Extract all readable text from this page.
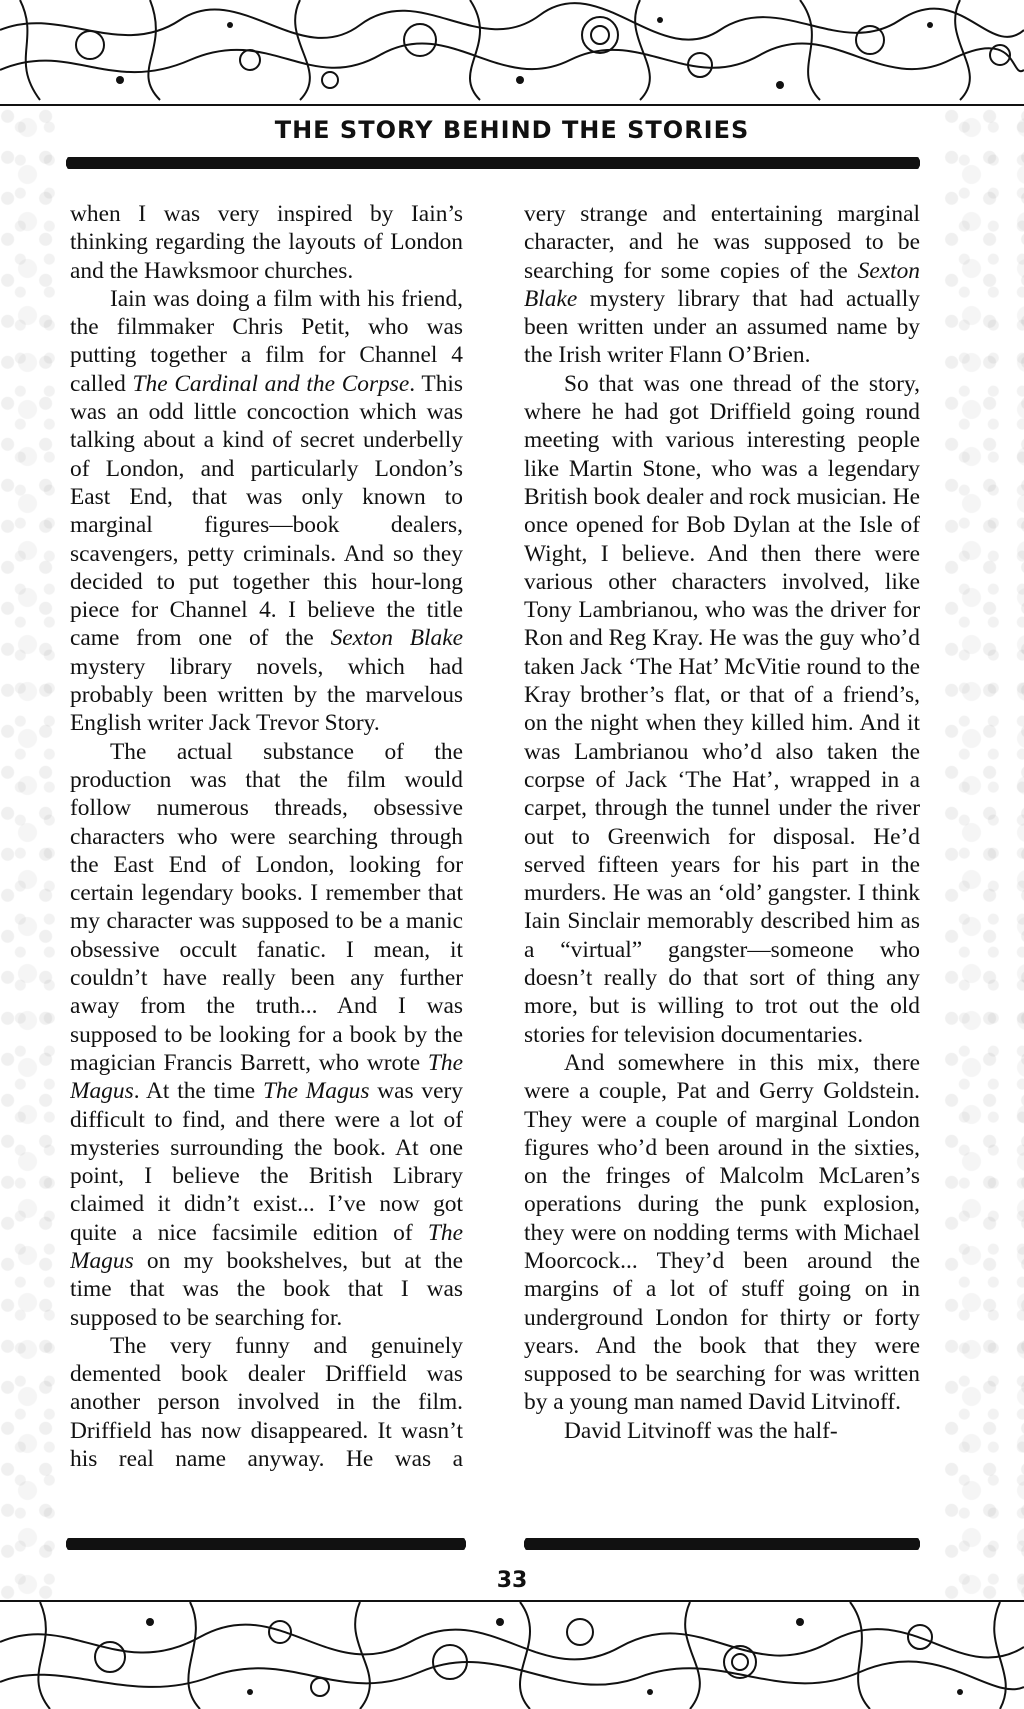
THE STORY BEHIND THE STORIES

when I was very inspired by Iain’s thinking regarding the layouts of London and the Hawksmoor churches.

Iain was doing a film with his friend, the filmmaker Chris Petit, who was putting together a film for Channel 4 called The Cardinal and the Corpse. This was an odd little concoction which was talking about a kind of secret underbelly of London, and particularly London’s East End, that was only known to marginal figures—book dealers, scavengers, petty criminals. And so they decided to put together this hour-long piece for Channel 4. I believe the title came from one of the Sexton Blake mystery library novels, which had probably been written by the marvelous English writer Jack Trevor Story.

The actual substance of the production was that the film would follow numerous threads, obsessive characters who were searching through the East End of London, looking for certain legendary books. I remember that my character was supposed to be a manic obsessive occult fanatic. I mean, it couldn’t have really been any further away from the truth... And I was supposed to be looking for a book by the magician Francis Barrett, who wrote The Magus. At the time The Magus was very difficult to find, and there were a lot of mysteries surrounding the book. At one point, I believe the British Library claimed it didn’t exist... I’ve now got quite a nice facsimile edition of The Magus on my bookshelves, but at the time that was the book that I was supposed to be searching for.

The very funny and genuinely demented book dealer Driffield was another person involved in the film. Driffield has now disappeared. It wasn’t his real name anyway. He was a

very strange and entertaining marginal character, and he was supposed to be searching for some copies of the Sexton Blake mystery library that had actually been written under an assumed name by the Irish writer Flann O’Brien.

So that was one thread of the story, where he had got Driffield going round meeting with various interesting people like Martin Stone, who was a legendary British book dealer and rock musician. He once opened for Bob Dylan at the Isle of Wight, I believe. And then there were various other characters involved, like Tony Lambrianou, who was the driver for Ron and Reg Kray. He was the guy who’d taken Jack ‘The Hat’ McVitie round to the Kray brother’s flat, or that of a friend’s, on the night when they killed him. And it was Lambrianou who’d also taken the corpse of Jack ‘The Hat’, wrapped in a carpet, through the tunnel under the river out to Greenwich for disposal. He’d served fifteen years for his part in the murders. He was an ‘old’ gangster. I think Iain Sinclair memorably described him as a “virtual” gangster—someone who doesn’t really do that sort of thing any more, but is willing to trot out the old stories for television documentaries.

And somewhere in this mix, there were a couple, Pat and Gerry Goldstein. They were a couple of marginal London figures who’d been around in the sixties, on the fringes of Malcolm McLaren’s operations during the punk explosion, they were on nodding terms with Michael Moorcock... They’d been around the margins of a lot of stuff going on in underground London for thirty or forty years. And the book that they were supposed to be searching for was written by a young man named David Litvinoff.

David Litvinoff was the half-

33
